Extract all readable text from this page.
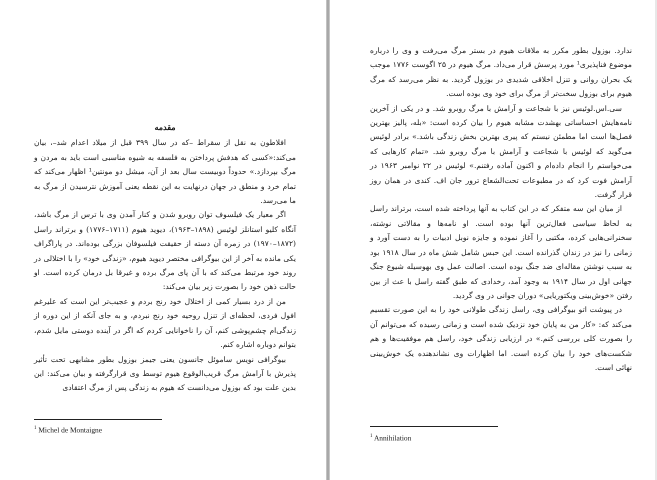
مقدمه

افلاطون به نقل از سقراط –که در سال ۳۹۹ قبل از میلاد اعدام شد–، بیان می‌کند:«کسی که هدفش پرداختن به فلسفه به شیوه مناسبی است باید به مردن و مرگ بپردازد.» حدوداً دوبیست سال بعد از آن، میشل دو مونتین¹ اظهار می‌کند که تمام خرد و منطق در جهان درنهایت به این نقطه یعنی آموزش نترسیدن از مرگ به ما می‌رسد.

اگر معیار یک فیلسوف توان روبرو شدن و کنار آمدن وی با ترس از مرگ باشد، آنگاه کلیو استانلز لوئیس (۱۸۹۸–۱۹۶۳)، دیوید هیوم (۱۷۱۱–۱۷۷۶) و برتراند راسل (۱۸۷۲–۱۹۷۰) در زمره آن دسته از حقیقت فیلسوفان بزرگی بوده‌اند. در پاراگراف یکی مانده به آخر از این بیوگرافی مختصر دیوید هیوم، «زندگی خود» را با اختلالی در روند خود مرتبط می‌کند که با آن پای مرگ برده و غیرقا بل درمان کرده است. او حالت ذهن خود را بصورت زیر بیان می‌کند:

من از درد بسیار کمی از اختلال خود رنج بردم و عجیب‌تر این است که علیرغم افول فردی، لحظه‌ای از تنزل روحیه خود رنج نبردم، و به جای آنکه از این دوره از زندگی‌ام چشم‌پوشی کنم، آن را ناخوانایی کردم که اگر در آینده دوستی مایل شدم، بتوانم دوباره اشاره کنم.

بیوگرافی نویس ساموئل جانسون یعنی جیمز بوزول بطور مشابهی تحت تأثیر پذیرش با آرامش مرگ قریب‌الوقوع هیوم توسط وی قرارگرفته و بیان می‌کند: این بدین علت بود که بوزول می‌دانست که هیوم به زندگی پس از مرگ اعتقادی

$^1$ Michel de Montaigne

ندارد. بوزول بطور مکرر به ملاقات هیوم در بستر مرگ می‌رفت و وی را درباره موضوع فناپذیری¹ مورد پرسش قرار می‌داد. مرگ هیوم در ۲۵ اگوست ۱۷۷۶ موجب یک بحران روانی و تنزل اخلاقی شدیدی در بوزول گردید. به نظر می‌رسد که مرگ هیوم برای بوزول سخت‌تر از مرگ برای خود وی بوده است.

سی.اس.لوئیس نیز با شجاعت و آرامش با مرگ روبرو شد. و در یکی از آخرین نامه‌هایش احساساتی بهشدت مشابه هیوم را بیان کرده است: «بله، پالیز بهترین فصل‌ها است اما مطمئن نیستم که پیری بهترین بخش زندگی باشد.» برادر لوئیس می‌گوید که لوئیس با شجاعت و آرامش با مرگ روبرو شد. «تمام کارهایی که می‌خواستم را انجام داده‌ام و اکنون آماده رفتنم.» لوئیس در ۲۲ نوامبر ۱۹۶۳ در آرامش فوت کرد که در مطبوعات تحت‌الشعاع ترور جان اف. کندی در همان روز قرار گرفت.

از میان این سه متفکر که در این کتاب به آنها پرداخته شده است، برتراند راسل به لحاظ سیاسی فعال‌ترین آنها بوده است. او نامه‌ها و مقالاتی نوشته، سخنرانی‌هایی کرده، مکتبی را آغاز نموده و جایزه نوبل ادبیات را به دست آورد و زمانی را نیز در زندان گذرانده است. این حبس شامل شش ماه در سال ۱۹۱۸ بود به سبب نوشتن مقاله‌ای ضد جنگ بوده است. اصالت عمل وی بهوسیله شیوع جنگ جهانی اول در سال ۱۹۱۴ به وجود آمد، رخدادی که طبق گفته راسل با عث از بین رفتن «خوش‌بینی ویکتوریایی» دوران جوانی در وی گردید.

در پیوشت اتو بیوگرافی وی، راسل زندگی طولانی خود را به این صورت تقسیم می‌کند که: «کار من به پایان خود نزدیک شده است و زمانی رسیده که می‌توانم آن را بصورت کلی بررسی کنم.» در ارزیابی زندگی خود، راسل هم موفقیت‌ها و هم شکست‌های خود را بیان کرده است. اما اظهارات وی نشاندهنده یک خوش‌بینی نهائی است.

$^1$ Annihilation
